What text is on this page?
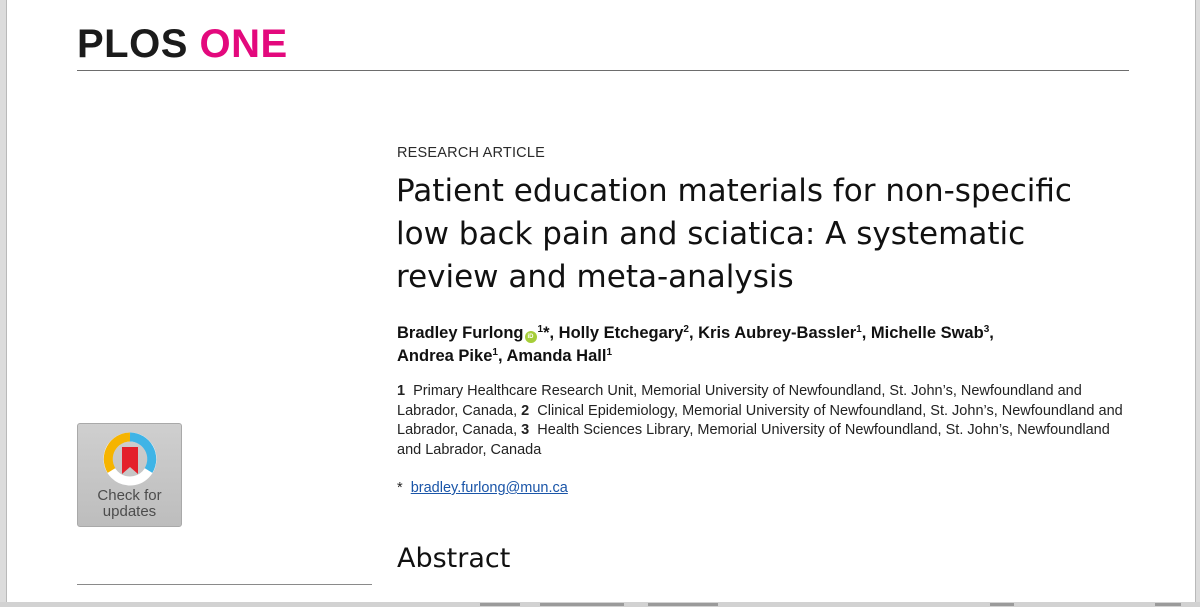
PLOS ONE
RESEARCH ARTICLE
Patient education materials for non-specific low back pain and sciatica: A systematic review and meta-analysis
Bradley Furlong $iD^1*$, Holly Etchegary$^2$, Kris Aubrey-Bassler$^1$, Michelle Swab$^3$,
Andrea Pike$^1$, Amanda Hall$^1$
1 Primary Healthcare Research Unit, Memorial University of Newfoundland, St. John’s, Newfoundland and Labrador, Canada, 2 Clinical Epidemiology, Memorial University of Newfoundland, St. John’s, Newfoundland and Labrador, Canada, 3 Health Sciences Library, Memorial University of Newfoundland, St. John’s, Newfoundland and Labrador, Canada
* bradley.furlong@mun.ca
Check for
updates
Abstract
